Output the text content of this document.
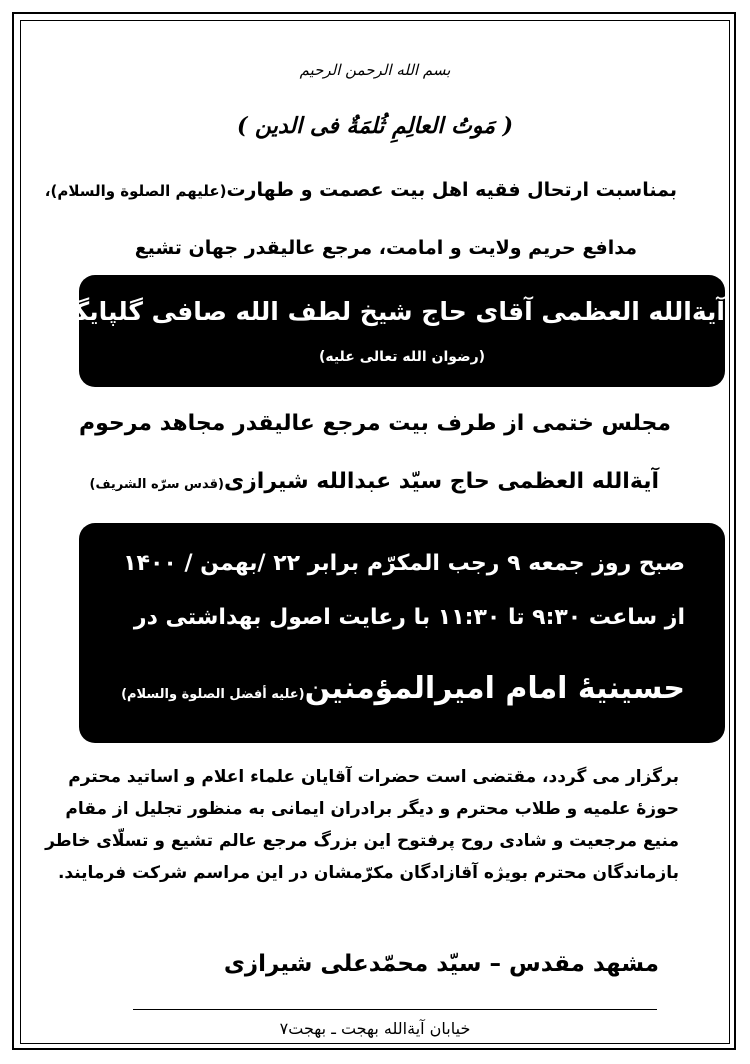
بسم الله الرحمن الرحیم
( مَوتُ العالِمِ ثُلمَةٌ فی الدین )
بمناسبت ارتحال فقیه اهل بیت عصمت و طهارت(علیهم الصلوة والسلام)،
مدافع حریم ولایت و امامت، مرجع عالیقدر جهان تشیع
آیةالله العظمی آقای حاج شیخ لطف الله صافی گلپایگانی
(رضوان الله تعالی علیه)
مجلس ختمی از طرف بیت مرجع عالیقدر مجاهد مرحوم
آیةالله العظمی حاج سیّد عبدالله شیرازی(قدس سرّه الشریف)
صبح روز جمعه ۹ رجب المکرّم برابر ۲۲ /بهمن / ۱۴۰۰
از ساعت ۹:۳۰ تا ۱۱:۳۰ با رعایت اصول بهداشتی در
حسینیۀ امام امیرالمؤمنین(علیه أفضل الصلوة والسلام)
برگزار می گردد، مقتضی است حضرات آقایان علماء اعلام و اساتید محترم حوزۀ علمیه و طلاب محترم و دیگر برادران ایمانی به منظور تجلیل از مقام منیع مرجعیت و شادی روح پرفتوح این بزرگ مرجع عالم تشیع و تسلّای خاطر بازماندگان محترم بویژه آقازادگان مکرّمشان در این مراسم شرکت فرمایند.
مشهد مقدس – سیّد محمّدعلی شیرازی
خیابان آیةالله بهجت ـ بهجت۷
